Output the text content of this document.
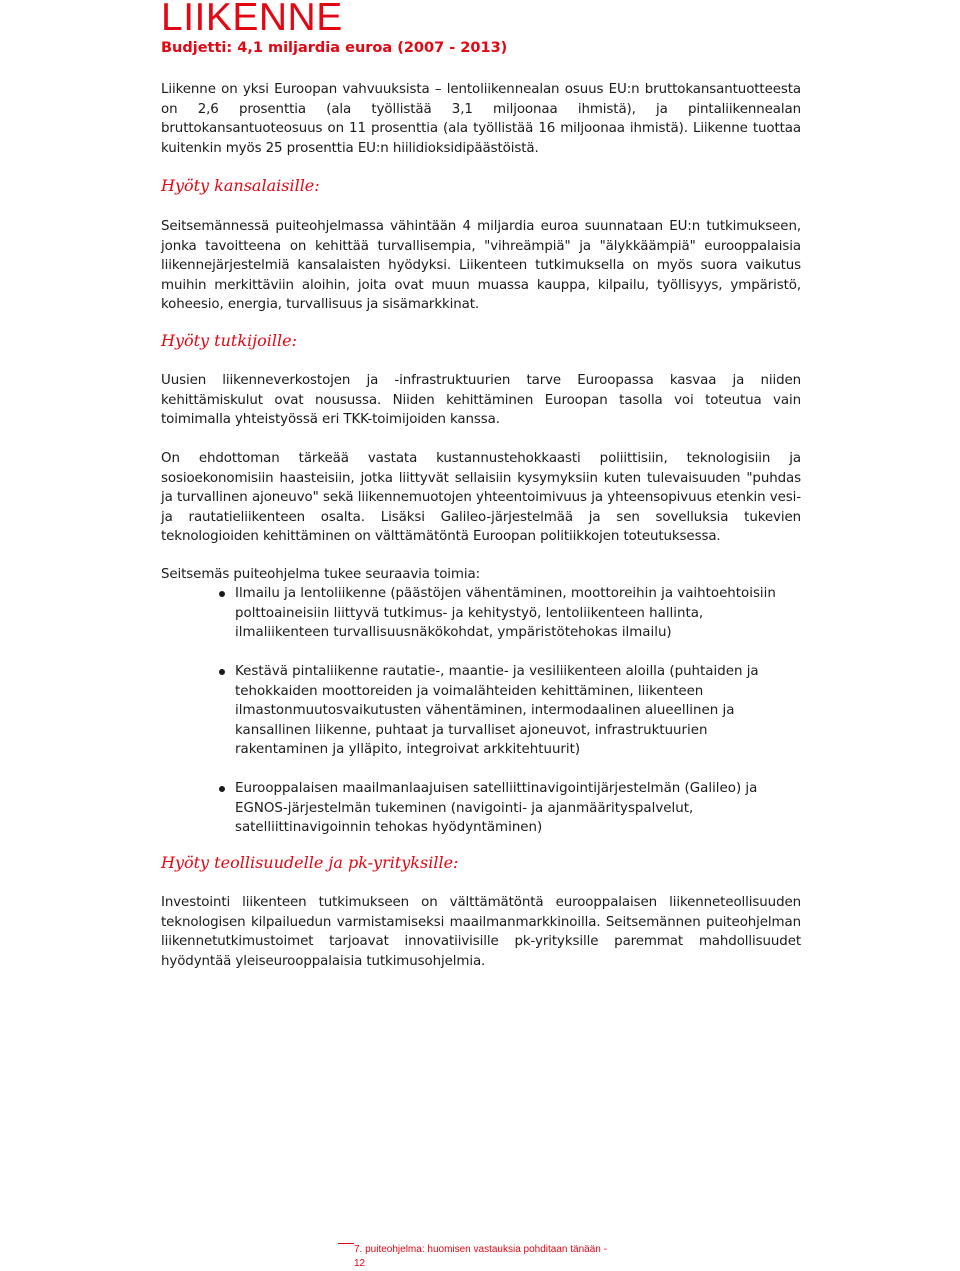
LIIKENNE

Budjetti: 4,1 miljardia euroa (2007 - 2013)

Liikenne on yksi Euroopan vahvuuksista – lentoliikennealan osuus EU:n bruttokansantuotteesta on 2,6 prosenttia (ala työllistää 3,1 miljoonaa ihmistä), ja pintaliikennealan bruttokansantuoteosuus on 11 prosenttia (ala työllistää 16 miljoonaa ihmistä). Liikenne tuottaa kuitenkin myös 25 prosenttia EU:n hiilidioksidipäästöistä.

Hyöty kansalaisille:

Seitsemännessä puiteohjelmassa vähintään 4 miljardia euroa suunnataan EU:n tutkimukseen, jonka tavoitteena on kehittää turvallisempia, "vihreämpiä" ja "älykkäämpiä" eurooppalaisia liikennejärjestelmiä kansalaisten hyödyksi. Liikenteen tutkimuksella on myös suora vaikutus muihin merkittäviin aloihin, joita ovat muun muassa kauppa, kilpailu, työllisyys, ympäristö, koheesio, energia, turvallisuus ja sisämarkkinat.

Hyöty tutkijoille:

Uusien liikenneverkostojen ja -infrastruktuurien tarve Euroopassa kasvaa ja niiden kehittämiskulut ovat nousussa. Niiden kehittäminen Euroopan tasolla voi toteutua vain toimimalla yhteistyössä eri TKK-toimijoiden kanssa.

On ehdottoman tärkeää vastata kustannustehokkaasti poliittisiin, teknologisiin ja sosioekonomisiin haasteisiin, jotka liittyvät sellaisiin kysymyksiin kuten tulevaisuuden "puhdas ja turvallinen ajoneuvo" sekä liikennemuotojen yhteentoimivuus ja yhteensopivuus etenkin vesi- ja rautatieliikenteen osalta. Lisäksi Galileo-järjestelmää ja sen sovelluksia tukevien teknologioiden kehittäminen on välttämätöntä Euroopan politiikkojen toteutuksessa.

Seitsemäs puiteohjelma tukee seuraavia toimia:

Ilmailu ja lentoliikenne (päästöjen vähentäminen, moottoreihin ja vaihtoehtoisiin polttoaineisiin liittyvä tutkimus- ja kehitystyö, lentoliikenteen hallinta, ilmaliikenteen turvallisuusnäkökohdat, ympäristötehokas ilmailu)
Kestävä pintaliikenne rautatie-, maantie- ja vesiliikenteen aloilla (puhtaiden ja tehokkaiden moottoreiden ja voimalähteiden kehittäminen, liikenteen ilmastonmuutosvaikutusten vähentäminen, intermodaalinen alueellinen ja kansallinen liikenne, puhtaat ja turvalliset ajoneuvot, infrastruktuurien rakentaminen ja ylläpito, integroivat arkkitehtuurit)
Eurooppalaisen maailmanlaajuisen satelliittinavigointijärjestelmän (Galileo) ja EGNOS-järjestelmän tukeminen (navigointi- ja ajanmäärityspalvelut, satelliittinavigoinnin tehokas hyödyntäminen)
Hyöty teollisuudelle ja pk-yrityksille:

Investointi liikenteen tutkimukseen on välttämätöntä eurooppalaisen liikenneteollisuuden teknologisen kilpailuedun varmistamiseksi maailmanmarkkinoilla. Seitsemännen puiteohjelman liikennetutkimustoimet tarjoavat innovatiivisille pk-yrityksille paremmat mahdollisuudet hyödyntää yleiseurooppalaisia tutkimusohjelmia.

7. puiteohjelma: huomisen vastauksia pohditaan tänään - 12
